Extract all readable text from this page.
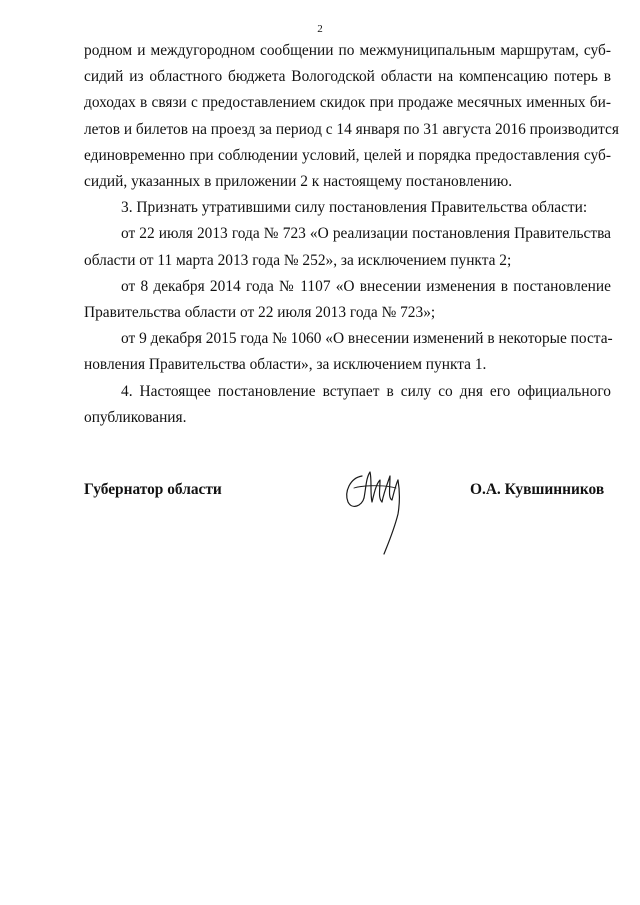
2

родном и междугородном сообщении по межмуниципальным маршрутам, суб-
сидий из областного бюджета Вологодской области на компенсацию потерь в
доходах в связи с предоставлением скидок при продаже месячных именных би-
летов и билетов на проезд за период с 14 января по 31 августа 2016 производится
единовременно при соблюдении условий, целей и порядка предоставления суб-
сидий, указанных в приложении 2 к настоящему постановлению.

3. Признать утратившими силу постановления Правительства области:

от 22 июля 2013 года № 723 «О реализации постановления Правительства
области от 11 марта 2013 года № 252», за исключением пункта 2;

от 8 декабря 2014 года № 1107 «О внесении изменения в постановление
Правительства области от 22 июля 2013 года № 723»;

от 9 декабря 2015 года № 1060 «О внесении изменений в некоторые поста-
новления Правительства области», за исключением пункта 1.

4. Настоящее постановление вступает в силу со дня его официального
опубликования.

Губернатор области	О.А. Кувшинников
